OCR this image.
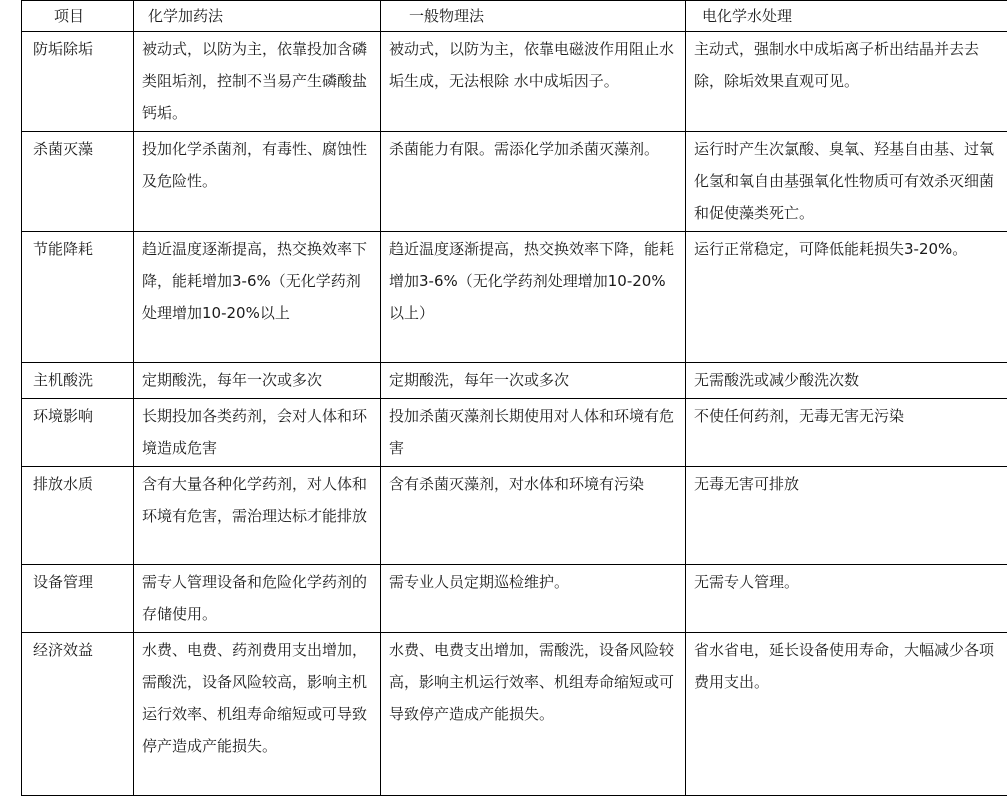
项目	化学加药法	一般物理法	电化学水处理
防垢除垢	被动式，以防为主，依靠投加含磷类阻垢剂，控制不当易产生磷酸盐钙垢。	被动式，以防为主，依靠电磁波作用阻止水垢生成，无法根除 水中成垢因子。	主动式，强制水中成垢离子析出结晶并去去除，除垢效果直观可见。
杀菌灭藻	投加化学杀菌剂，有毒性、腐蚀性及危险性。	杀菌能力有限。需添化学加杀菌灭藻剂。	运行时产生次氯酸、臭氧、羟基自由基、过氧化氢和氧自由基强氧化性物质可有效杀灭细菌和促使藻类死亡。
节能降耗	趋近温度逐渐提高，热交换效率下降，能耗增加3-6%（无化学药剂处理增加10-20%以上	趋近温度逐渐提高，热交换效率下降，能耗增加3-6%（无化学药剂处理增加10-20%以上）	运行正常稳定，可降低能耗损失3-20%。
主机酸洗	定期酸洗，每年一次或多次	定期酸洗，每年一次或多次	无需酸洗或减少酸洗次数
环境影响	长期投加各类药剂，会对人体和环境造成危害	投加杀菌灭藻剂长期使用对人体和环境有危害	不使任何药剂，无毒无害无污染
排放水质	含有大量各种化学药剂，对人体和环境有危害，需治理达标才能排放	含有杀菌灭藻剂，对水体和环境有污染	无毒无害可排放
设备管理	需专人管理设备和危险化学药剂的存储使用。	需专业人员定期巡检维护。	无需专人管理。
经济效益	水费、电费、药剂费用支出增加，需酸洗，设备风险较高，影响主机运行效率、机组寿命缩短或可导致停产造成产能损失。	水费、电费支出增加，需酸洗，设备风险较高，影响主机运行效率、机组寿命缩短或可导致停产造成产能损失。	省水省电，延长设备使用寿命，大幅减少各项费用支出。
